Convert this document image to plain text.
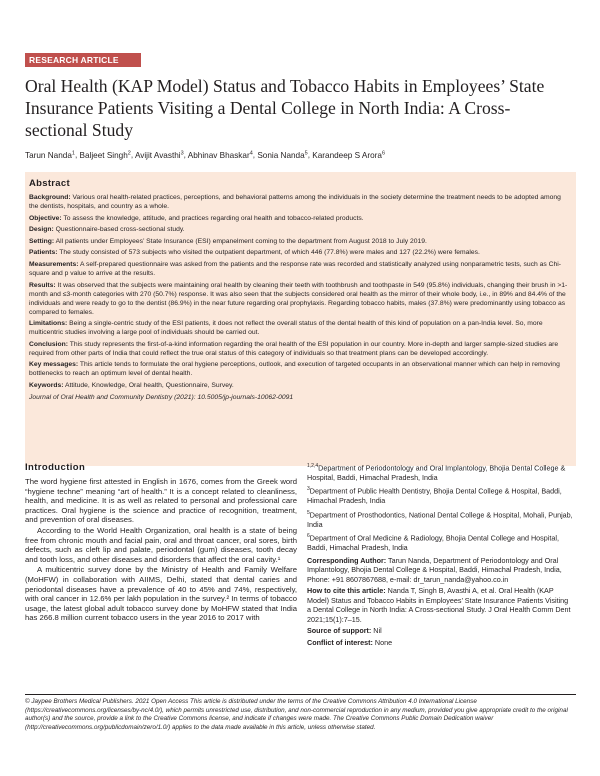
RESEARCH ARTICLE
Oral Health (KAP Model) Status and Tobacco Habits in Employees’ State Insurance Patients Visiting a Dental College in North India: A Cross-sectional Study
Tarun Nanda$^1$, Baljeet Singh$^2$, Avijit Avasthi$^3$, Abhinav Bhaskar$^4$, Sonia Nanda$^5$, Karandeep S Arora$^6$
Abstract

Background: Various oral health-related practices, perceptions, and behavioral patterns among the individuals in the society determine the treatment needs to be adopted among the dentists, hospitals, and country as a whole.

Objective: To assess the knowledge, attitude, and practices regarding oral health and tobacco-related products.

Design: Questionnaire-based cross-sectional study.

Setting: All patients under Employees’ State Insurance (ESI) empanelment coming to the department from August 2018 to July 2019.

Patients: The study consisted of 573 subjects who visited the outpatient department, of which 446 (77.8%) were males and 127 (22.2%) were females.

Measurements: A self-prepared questionnaire was asked from the patients and the response rate was recorded and statistically analyzed using nonparametric tests, such as Chi-square and p value to arrive at the results.

Results: It was observed that the subjects were maintaining oral health by cleaning their teeth with toothbrush and toothpaste in 549 (95.8%) individuals, changing their brush in >1-month and ≤3-month categories with 270 (50.7%) response. It was also seen that the subjects considered oral health as the mirror of their whole body, i.e., in 89% and 84.4% of the individuals and were ready to go to the dentist (86.9%) in the near future regarding oral prophylaxis. Regarding tobacco habits, males (37.8%) were predominantly using tobacco as compared to females.

Limitations: Being a single-centric study of the ESI patients, it does not reflect the overall status of the dental health of this kind of population on a pan-India level. So, more multicentric studies involving a large pool of individuals should be carried out.

Conclusion: This study represents the first-of-a-kind information regarding the oral health of the ESI population in our country. More in-depth and larger sample-sized studies are required from other parts of India that could reflect the true oral status of this category of individuals so that treatment plans can be developed accordingly.

Key messages: This article tends to formulate the oral hygiene perceptions, outlook, and execution of targeted occupants in an observational manner which can help in removing bottlenecks to reach an optimum level of dental health.

Keywords: Attitude, Knowledge, Oral health, Questionnaire, Survey.

Journal of Oral Health and Community Dentistry (2021): 10.5005/jp-journals-10062-0091
Introduction

The word hygiene first attested in English in 1676, comes from the Greek word “hygiene techne” meaning “art of health.” It is a concept related to cleanliness, health, and medicine. It is as well as related to personal and professional care practices. Oral hygiene is the science and practice of recognition, treatment, and prevention of oral diseases.

According to the World Health Organization, oral health is a state of being free from chronic mouth and facial pain, oral and throat cancer, oral sores, birth defects, such as cleft lip and palate, periodontal (gum) diseases, tooth decay and tooth loss, and other diseases and disorders that affect the oral cavity.¹

A multicentric survey done by the Ministry of Health and Family Welfare (MoHFW) in collaboration with AIIMS, Delhi, stated that dental caries and periodontal diseases have a prevalence of 40 to 45% and 74%, respectively, with oral cancer in 12.6% per lakh population in the survey.² In terms of tobacco usage, the latest global adult tobacco survey done by MoHFW stated that India has 266.8 million current tobacco users in the year 2016 to 2017 with

$^{1,2,4}$Department of Periodontology and Oral Implantology, Bhojia Dental College & Hospital, Baddi, Himachal Pradesh, India

$^3$Department of Public Health Dentistry, Bhojia Dental College & Hospital, Baddi, Himachal Pradesh, India

$^5$Department of Prosthodontics, National Dental College & Hospital, Mohali, Punjab, India

$^6$Department of Oral Medicine & Radiology, Bhojia Dental College and Hospital, Baddi, Himachal Pradesh, India

Corresponding Author: Tarun Nanda, Department of Periodontology and Oral Implantology, Bhojia Dental College & Hospital, Baddi, Himachal Pradesh, India, Phone: +91 8607867688, e-mail: dr_tarun_nanda@yahoo.co.in

How to cite this article: Nanda T, Singh B, Avasthi A, et al. Oral Health (KAP Model) Status and Tobacco Habits in Employees’ State Insurance Patients Visiting a Dental College in North India: A Cross-sectional Study. J Oral Health Comm Dent 2021;15(1):7–15.

Source of support: Nil

Conflict of interest: None

© Jaypee Brothers Medical Publishers. 2021 Open Access This article is distributed under the terms of the Creative Commons Attribution 4.0 International License (https://creativecommons.org/licenses/by-nc/4.0/), which permits unrestricted use, distribution, and non-commercial reproduction in any medium, provided you give appropriate credit to the original author(s) and the source, provide a link to the Creative Commons license, and indicate if changes were made. The Creative Commons Public Domain Dedication waiver (http://creativecommons.org/publicdomain/zero/1.0/) applies to the data made available in this article, unless otherwise stated.
